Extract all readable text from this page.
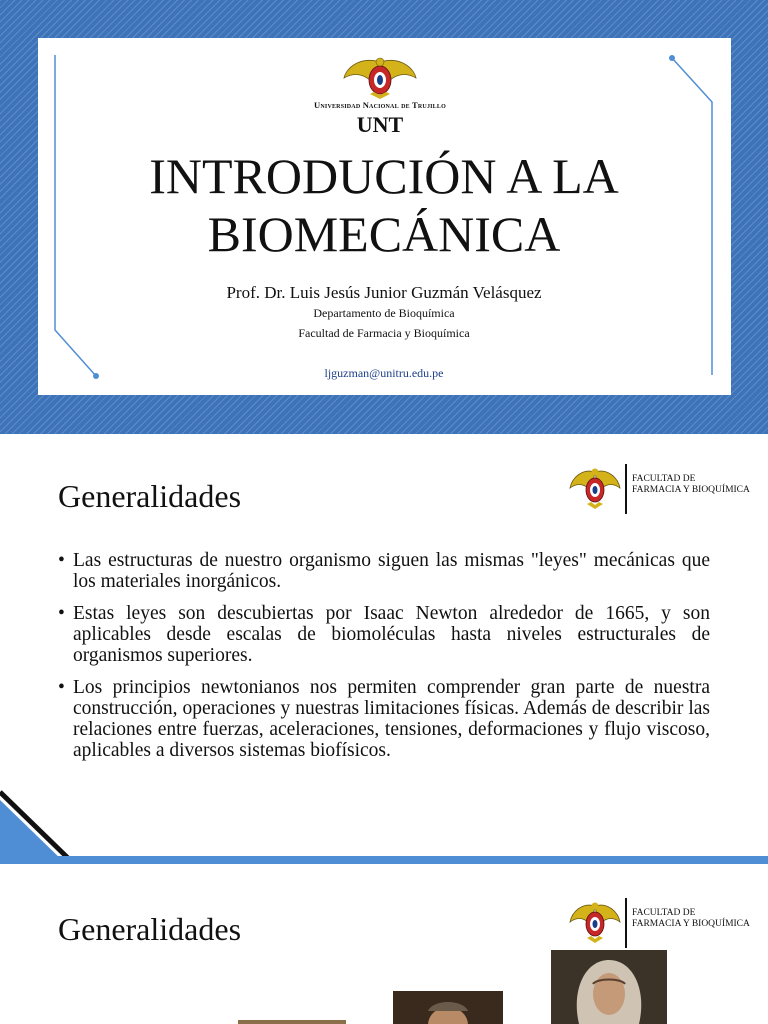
Universidad Nacional de Trujillo
UNT
INTRODUCIÓN A LA
BIOMECÁNICA
Prof. Dr. Luis Jesús Junior Guzmán Velásquez
Departamento de Bioquímica
Facultad de Farmacia y Bioquímica
ljguzman@unitru.edu.pe
Generalidades	FACULTAD DE
FARMACIA Y BIOQUÍMICA
• Las estructuras de nuestro organismo siguen las mismas "leyes" mecánicas que los materiales inorgánicos.
• Estas leyes son descubiertas por Isaac Newton alrededor de 1665, y son aplicables desde escalas de biomoléculas hasta niveles estructurales de organismos superiores.
• Los principios newtonianos nos permiten comprender gran parte de nuestra construcción, operaciones y nuestras limitaciones físicas. Además de describir las relaciones entre fuerzas, aceleraciones, tensiones, deformaciones y flujo viscoso, aplicables a diversos sistemas biofísicos.
Generalidades	FACULTAD DE
FARMACIA Y BIOQUÍMICA
